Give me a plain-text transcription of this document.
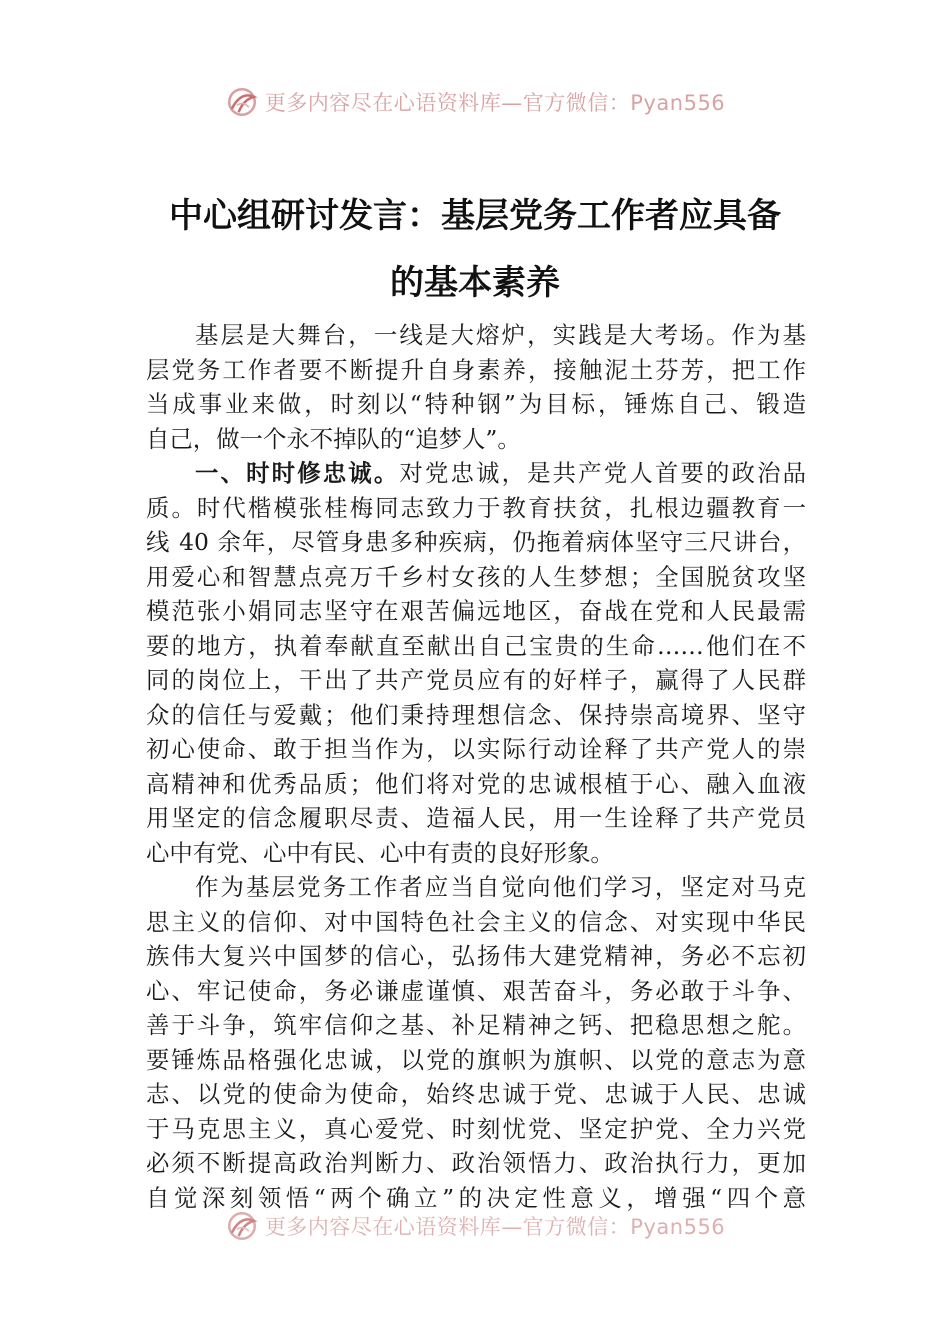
更多内容尽在心语资料库—官方微信：Pyan556
中心组研讨发言：基层党务工作者应具备
的基本素养
基层是大舞台，一线是大熔炉，实践是大考场。作为基
层党务工作者要不断提升自身素养，接触泥土芬芳，把工作
当成事业来做，时刻以“特种钢”为目标，锤炼自己、锻造
自己，做一个永不掉队的“追梦人”。
一、时时修忠诚。对党忠诚，是共产党人首要的政治品
质。时代楷模张桂梅同志致力于教育扶贫，扎根边疆教育一
线 40 余年，尽管身患多种疾病，仍拖着病体坚守三尺讲台，
用爱心和智慧点亮万千乡村女孩的人生梦想；全国脱贫攻坚
模范张小娟同志坚守在艰苦偏远地区，奋战在党和人民最需
要的地方，执着奉献直至献出自己宝贵的生命……他们在不
同的岗位上，干出了共产党员应有的好样子，赢得了人民群
众的信任与爱戴；他们秉持理想信念、保持崇高境界、坚守
初心使命、敢于担当作为，以实际行动诠释了共产党人的崇
高精神和优秀品质；他们将对党的忠诚根植于心、融入血液
用坚定的信念履职尽责、造福人民，用一生诠释了共产党员
心中有党、心中有民、心中有责的良好形象。
作为基层党务工作者应当自觉向他们学习，坚定对马克
思主义的信仰、对中国特色社会主义的信念、对实现中华民
族伟大复兴中国梦的信心，弘扬伟大建党精神，务必不忘初
心、牢记使命，务必谦虚谨慎、艰苦奋斗，务必敢于斗争、
善于斗争，筑牢信仰之基、补足精神之钙、把稳思想之舵。
要锤炼品格强化忠诚，以党的旗帜为旗帜、以党的意志为意
志、以党的使命为使命，始终忠诚于党、忠诚于人民、忠诚
于马克思主义，真心爱党、时刻忧党、坚定护党、全力兴党
必须不断提高政治判断力、政治领悟力、政治执行力，更加
自觉深刻领悟“两个确立”的决定性意义，增强“四个意
更多内容尽在心语资料库—官方微信：Pyan556
